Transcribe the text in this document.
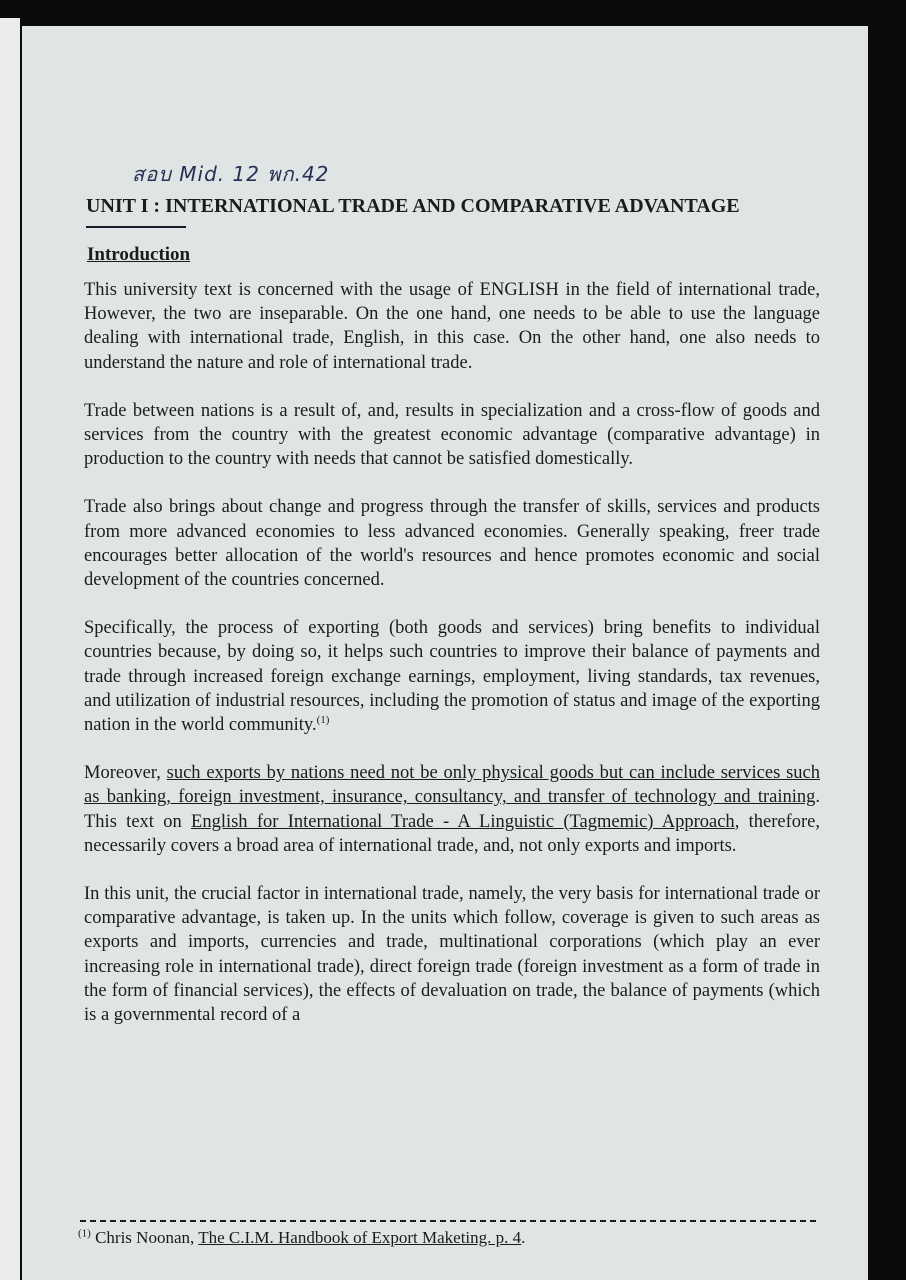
สอบ Mid. 12 พก.42
UNIT I : INTERNATIONAL TRADE AND COMPARATIVE ADVANTAGE
Introduction

This university text is concerned with the usage of ENGLISH in the field of international trade, However, the two are inseparable. On the one hand, one needs to be able to use the language dealing with international trade, English, in this case. On the other hand, one also needs to understand the nature and role of international trade.

Trade between nations is a result of, and, results in specialization and a cross-flow of goods and services from the country with the greatest economic advantage (comparative advantage) in production to the country with needs that cannot be satisfied domestically.

Trade also brings about change and progress through the transfer of skills, services and products from more advanced economies to less advanced economies. Generally speaking, freer trade encourages better allocation of the world's resources and hence promotes economic and social development of the countries concerned.

Specifically, the process of exporting (both goods and services) bring benefits to individual countries because, by doing so, it helps such countries to improve their balance of payments and trade through increased foreign exchange earnings, employment, living standards, tax revenues, and utilization of industrial resources, including the promotion of status and image of the exporting nation in the world community.$^{(1)}$

Moreover, such exports by nations need not be only physical goods but can include services such as banking, foreign investment, insurance, consultancy, and transfer of technology and training. This text on English for International Trade - A Linguistic (Tagmemic) Approach, therefore, necessarily covers a broad area of international trade, and, not only exports and imports.

In this unit, the crucial factor in international trade, namely, the very basis for international trade or comparative advantage, is taken up. In the units which follow, coverage is given to such areas as exports and imports, currencies and trade, multinational corporations (which play an ever increasing role in international trade), direct foreign trade (foreign investment as a form of trade in the form of financial services), the effects of devaluation on trade, the balance of payments (which is a governmental record of a

$^{(1)}$ Chris Noonan, The C.I.M. Handbook of Export Maketing. p. 4.
